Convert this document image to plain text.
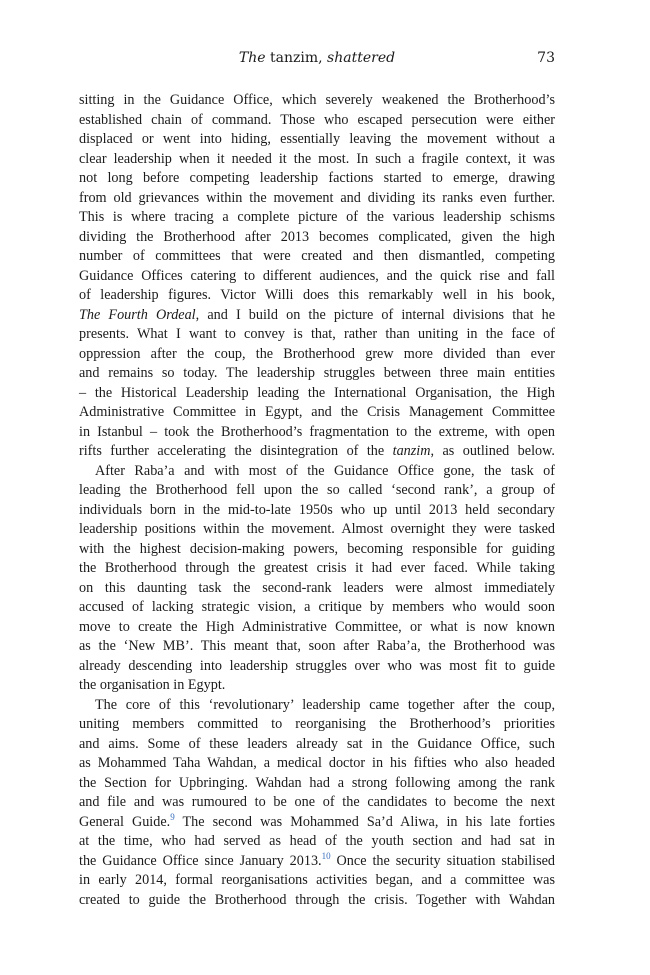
The tanzim, shattered	73
sitting in the Guidance Office, which severely weakened the Brotherhood’s
established chain of command. Those who escaped persecution were either
displaced or went into hiding, essentially leaving the movement without a
clear leadership when it needed it the most. In such a fragile context, it was
not long before competing leadership factions started to emerge, drawing
from old grievances within the movement and dividing its ranks even further.
This is where tracing a complete picture of the various leadership schisms
dividing the Brotherhood after 2013 becomes complicated, given the high
number of committees that were created and then dismantled, competing
Guidance Offices catering to different audiences, and the quick rise and fall
of leadership figures. Victor Willi does this remarkably well in his book,
The Fourth Ordeal, and I build on the picture of internal divisions that he
presents. What I want to convey is that, rather than uniting in the face of
oppression after the coup, the Brotherhood grew more divided than ever
and remains so today. The leadership struggles between three main entities
– the Historical Leadership leading the International Organisation, the High
Administrative Committee in Egypt, and the Crisis Management Committee
in Istanbul – took the Brotherhood’s fragmentation to the extreme, with open
rifts further accelerating the disintegration of the tanzim, as outlined below.
After Raba’a and with most of the Guidance Office gone, the task of
leading the Brotherhood fell upon the so called ‘second rank’, a group of
individuals born in the mid-to-late 1950s who up until 2013 held secondary
leadership positions within the movement. Almost overnight they were tasked
with the highest decision-making powers, becoming responsible for guiding
the Brotherhood through the greatest crisis it had ever faced. While taking
on this daunting task the second-rank leaders were almost immediately
accused of lacking strategic vision, a critique by members who would soon
move to create the High Administrative Committee, or what is now known
as the ‘New MB’. This meant that, soon after Raba’a, the Brotherhood was
already descending into leadership struggles over who was most fit to guide
the organisation in Egypt.
The core of this ‘revolutionary’ leadership came together after the coup,
uniting members committed to reorganising the Brotherhood’s priorities
and aims. Some of these leaders already sat in the Guidance Office, such
as Mohammed Taha Wahdan, a medical doctor in his fifties who also headed
the Section for Upbringing. Wahdan had a strong following among the rank
and file and was rumoured to be one of the candidates to become the next
General Guide.$^9$ The second was Mohammed Sa’d Aliwa, in his late forties
at the time, who had served as head of the youth section and had sat in
the Guidance Office since January 2013.10 Once the security situation stabilised
in early 2014, formal reorganisations activities began, and a committee was
created to guide the Brotherhood through the crisis. Together with Wahdan
